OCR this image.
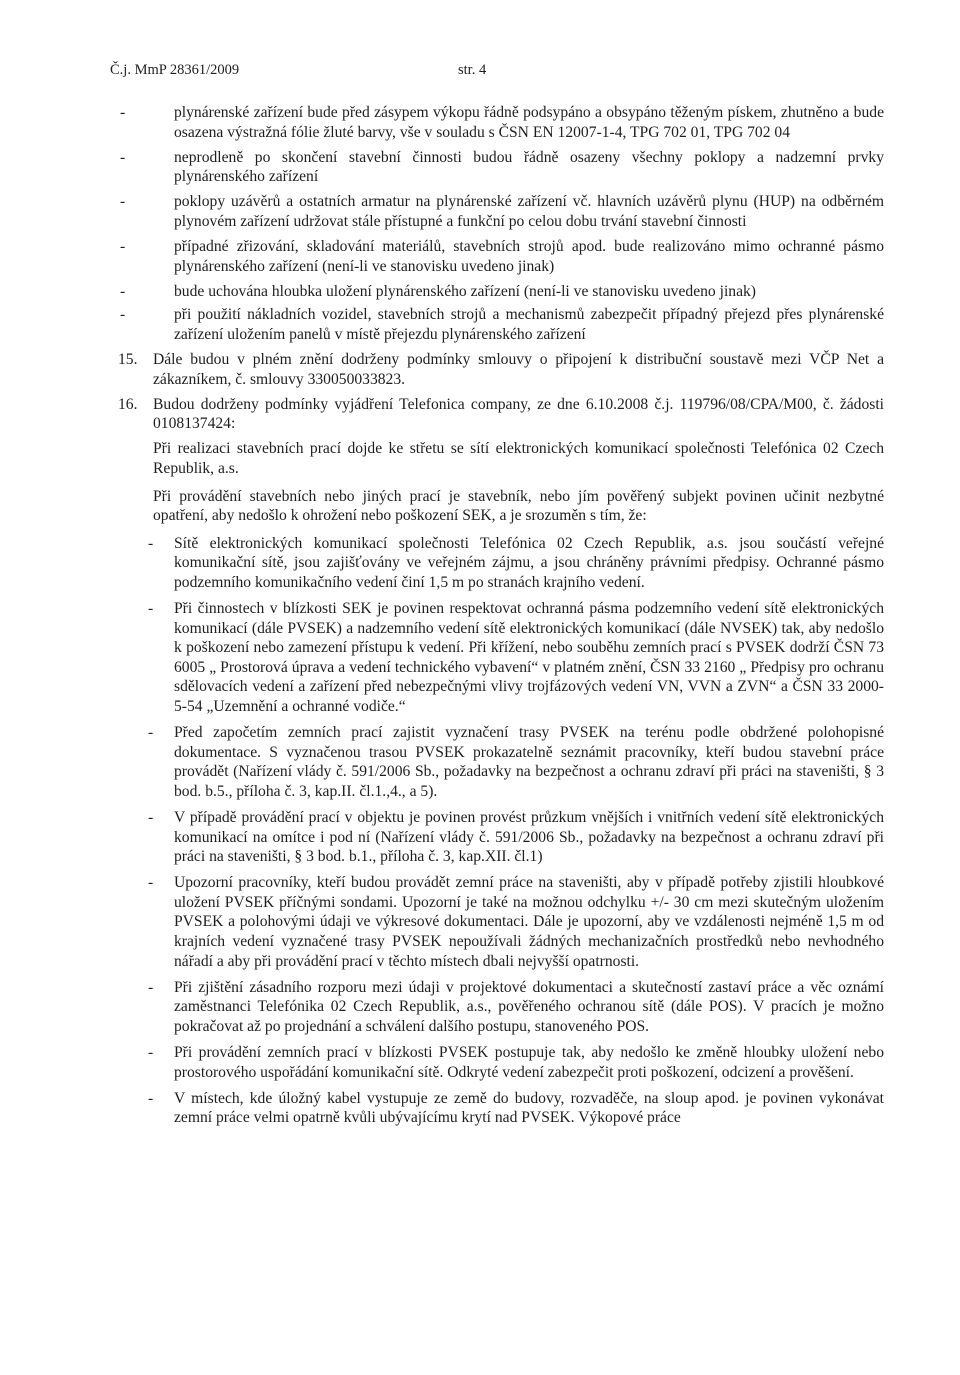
Č.j. MmP 28361/2009	str. 4
-	plynárenské zařízení bude před zásypem výkopu řádně podsypáno a obsypáno těženým pískem, zhutněno a bude osazena výstražná fólie žluté barvy, vše v souladu s ČSN EN 12007-1-4, TPG 702 01, TPG 702 04
-	neprodleně po skončení stavební činnosti budou řádně osazeny všechny poklopy a nadzemní prvky plynárenského zařízení
-	poklopy uzávěrů a ostatních armatur na plynárenské zařízení vč. hlavních uzávěrů plynu (HUP) na odběrném plynovém zařízení udržovat stále přístupné a funkční po celou dobu trvání stavební činnosti
-	případné zřizování, skladování materiálů, stavebních strojů apod. bude realizováno mimo ochranné pásmo plynárenského zařízení (není-li ve stanovisku uvedeno jinak)
-	bude uchována hloubka uložení plynárenského zařízení (není-li ve stanovisku uvedeno jinak)
-	při použití nákladních vozidel, stavebních strojů a mechanismů zabezpečit případný přejezd přes plynárenské zařízení uložením panelů v místě přejezdu plynárenského zařízení
15. Dále budou v plném znění dodrženy podmínky smlouvy o připojení k distribuční soustavě mezi VČP Net a zákazníkem, č. smlouvy 330050033823.
16. Budou dodrženy podmínky vyjádření Telefonica company, ze dne 6.10.2008 č.j. 119796/08/CPA/M00, č. žádosti 0108137424:
Při realizaci stavebních prací dojde ke střetu se sítí elektronických komunikací společnosti Telefónica 02 Czech Republik, a.s.
Při provádění stavebních nebo jiných prací je stavebník, nebo jím pověřený subjekt povinen učinit nezbytné opatření, aby nedošlo k ohrožení nebo poškození SEK, a je srozuměn s tím, že:
- Sítě elektronických komunikací společnosti Telefónica 02 Czech Republik, a.s. jsou součástí veřejné komunikační sítě, jsou zajišťovány ve veřejném zájmu, a jsou chráněny právními předpisy. Ochranné pásmo podzemního komunikačního vedení činí 1,5 m po stranách krajního vedení.
- Při činnostech v blízkosti SEK je povinen respektovat ochranná pásma podzemního vedení sítě elektronických komunikací (dále PVSEK) a nadzemního vedení sítě elektronických komunikací (dále NVSEK) tak, aby nedošlo k poškození nebo zamezení přístupu k vedení. Při křížení, nebo souběhu zemních prací s PVSEK dodrží ČSN 73 6005 „ Prostorová úprava a vedení technického vybavení“ v platném znění, ČSN 33 2160 „ Předpisy pro ochranu sdělovacích vedení a zařízení před nebezpečnými vlivy trojfázových vedení VN, VVN a ZVN“ a ČSN 33 2000-5-54 „Uzemnění a ochranné vodiče.“
- Před započetím zemních prací zajistit vyznačení trasy PVSEK na terénu podle obdržené polohopisné dokumentace. S vyznačenou trasou PVSEK prokazatelně seznámit pracovníky, kteří budou stavební práce provádět (Nařízení vlády č. 591/2006 Sb., požadavky na bezpečnost a ochranu zdraví při práci na staveništi, § 3 bod. b.5., příloha č. 3, kap.II. čl.1.,4., a 5).
- V případě provádění prací v objektu je povinen provést průzkum vnějších i vnitřních vedení sítě elektronických komunikací na omítce i pod ní (Nařízení vlády č. 591/2006 Sb., požadavky na bezpečnost a ochranu zdraví při práci na staveništi, § 3 bod. b.1., příloha č. 3, kap.XII. čl.1)
- Upozorní pracovníky, kteří budou provádět zemní práce na staveništi, aby v případě potřeby zjistili hloubkové uložení PVSEK příčnými sondami. Upozorní je také na možnou odchylku +/- 30 cm mezi skutečným uložením PVSEK a polohovými údaji ve výkresové dokumentaci. Dále je upozorní, aby ve vzdálenosti nejméně 1,5 m od krajních vedení vyznačené trasy PVSEK nepoužívali žádných mechanizačních prostředků nebo nevhodného nářadí a aby při provádění prací v těchto místech dbali nejvyšší opatrnosti.
- Při zjištění zásadního rozporu mezi údaji v projektové dokumentaci a skutečností zastaví práce a věc oznámí zaměstnanci Telefónika 02 Czech Republik, a.s., pověřeného ochranou sítě (dále POS). V pracích je možno pokračovat až po projednání a schválení dalšího postupu, stanoveného POS.
- Při provádění zemních prací v blízkosti PVSEK postupuje tak, aby nedošlo ke změně hloubky uložení nebo prostorového uspořádání komunikační sítě. Odkryté vedení zabezpečit proti poškození, odcizení a prověšení.
- V místech, kde úložný kabel vystupuje ze země do budovy, rozvaděče, na sloup apod. je povinen vykonávat zemní práce velmi opatrně kvůli ubývajícímu krytí nad PVSEK. Výkopové práce
